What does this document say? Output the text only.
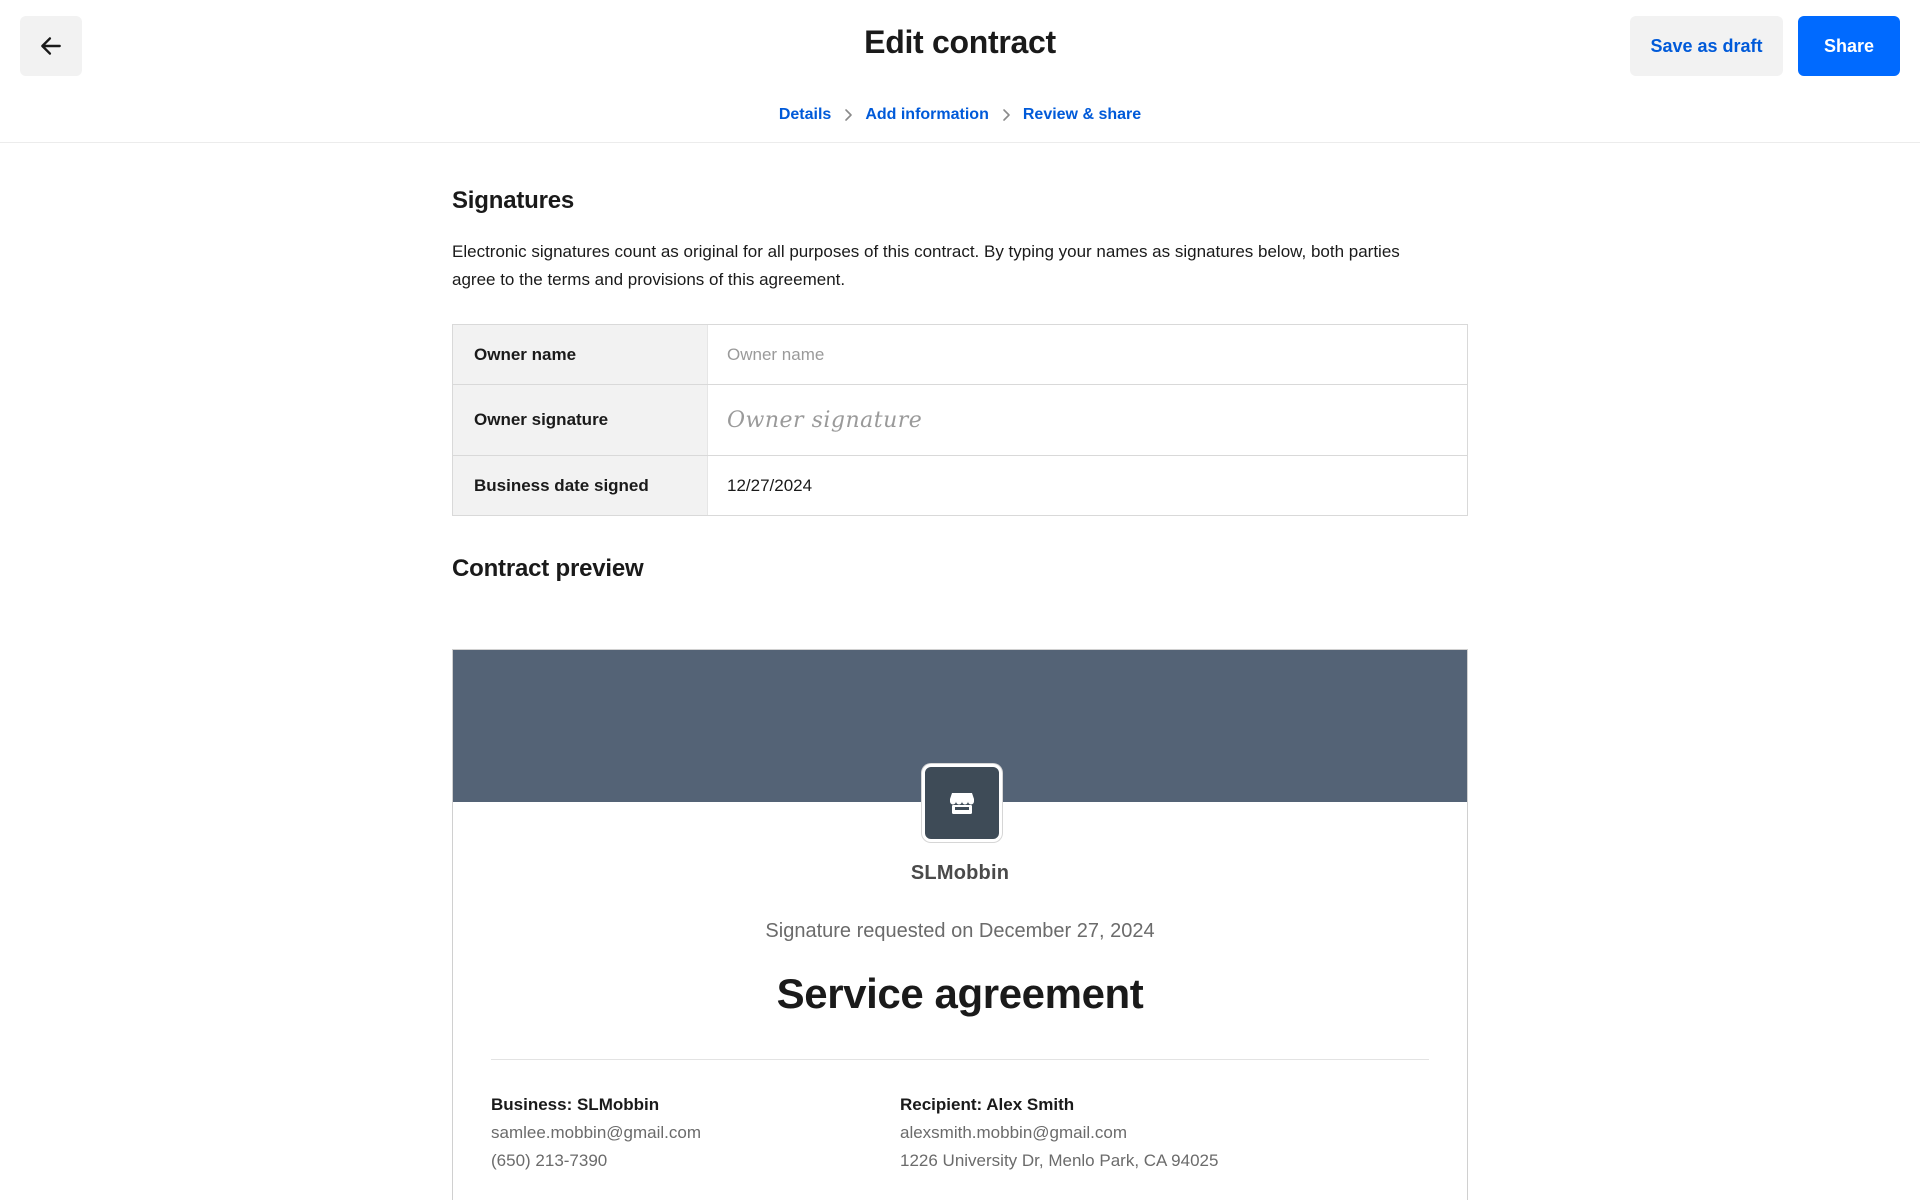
Edit contract	Save as draft	Share
Details Add information Review & share
Signatures
Electronic signatures count as original for all purposes of this contract. By typing your names as signatures below, both parties agree to the terms and provisions of this agreement.
Owner name	Owner name
Owner signature	Owner signature
Business date signed	12/27/2024
Contract preview
SLMobbin
Signature requested on December 27, 2024
Service agreement
Business: SLMobbin
samlee.mobbin@gmail.com
(650) 213-7390
Recipient: Alex Smith
alexsmith.mobbin@gmail.com
1226 University Dr, Menlo Park, CA 94025
